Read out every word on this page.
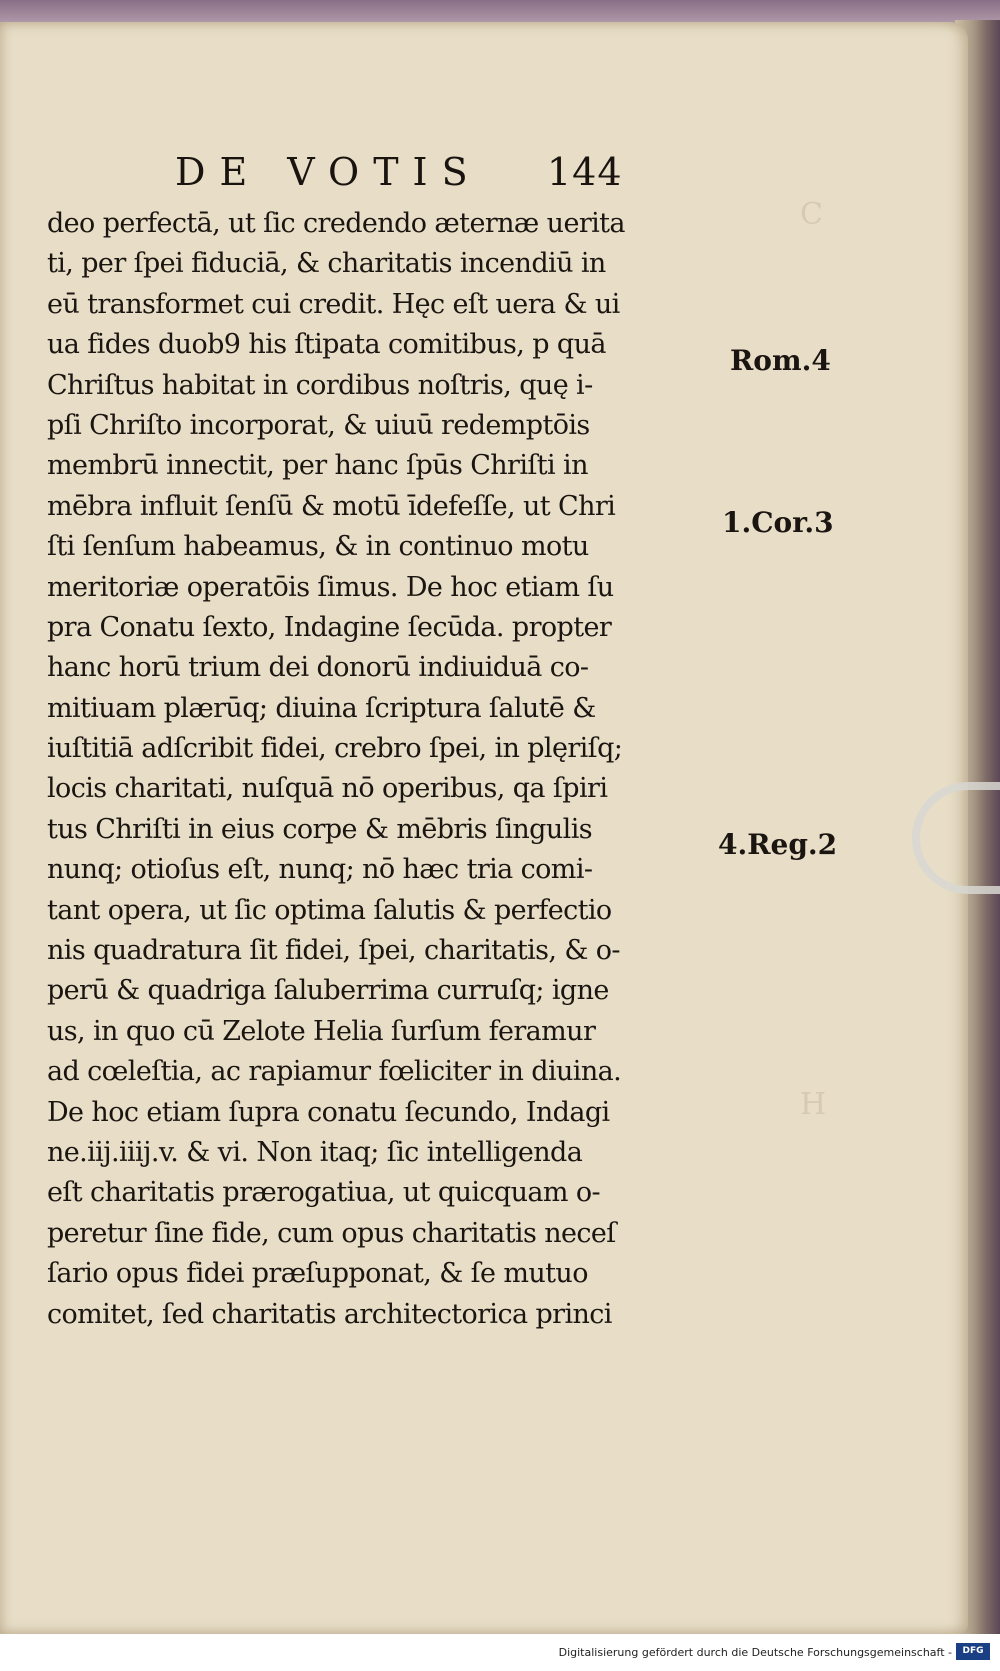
C
H
DE VOTIS 144
deo perfectā, ut ſic credendo æternæ uerita
ti, per ſpei fiduciā, & charitatis incendiū in
eū transformet cui credit. Hęc eſt uera & ui
ua fides duob9 his ſtipata comitibus, p quā
Chriſtus habitat in cordibus noſtris, quę i-
pſi Chriſto incorporat, & uiuū redemptōis
membrū innectit, per hanc ſpūs Chriſti in
mēbra influit ſenſū & motū īdefeſſe, ut Chri
ſti ſenſum habeamus, & in continuo motu
meritoriæ operatōis ſimus. De hoc etiam ſu
pra Conatu ſexto, Indagine ſecūda. propter
hanc horū trium dei donorū indiuiduā co-
mitiuam plærūq; diuina ſcriptura ſalutē &
iuſtitiā adſcribit fidei, crebro ſpei, in plęriſq;
locis charitati, nuſquā nō operibus, qa ſpiri
tus Chriſti in eius corpe & mēbris ſingulis
nunq; otioſus eſt, nunq; nō hæc tria comi-
tant opera, ut ſic optima ſalutis & perfectio
nis quadratura ſit fidei, ſpei, charitatis, & o-
perū & quadriga ſaluberrima curruſq; igne
us, in quo cū Zelote Helia ſurſum feramur
ad cœleſtia, ac rapiamur fœliciter in diuina.
De hoc etiam ſupra conatu ſecundo, Indagi
ne.iij.iiij.v. & vi. Non itaq; ſic intelligenda
eſt charitatis prærogatiua, ut quicquam o-
peretur ſine fide, cum opus charitatis neceſ
ſario opus fidei præſupponat, & ſe mutuo
comitet, ſed charitatis architectorica princi
Rom.4
1.Cor.3
4.Reg.2
Digitalisierung gefördert durch die Deutsche Forschungsgemeinschaft -	DFG
